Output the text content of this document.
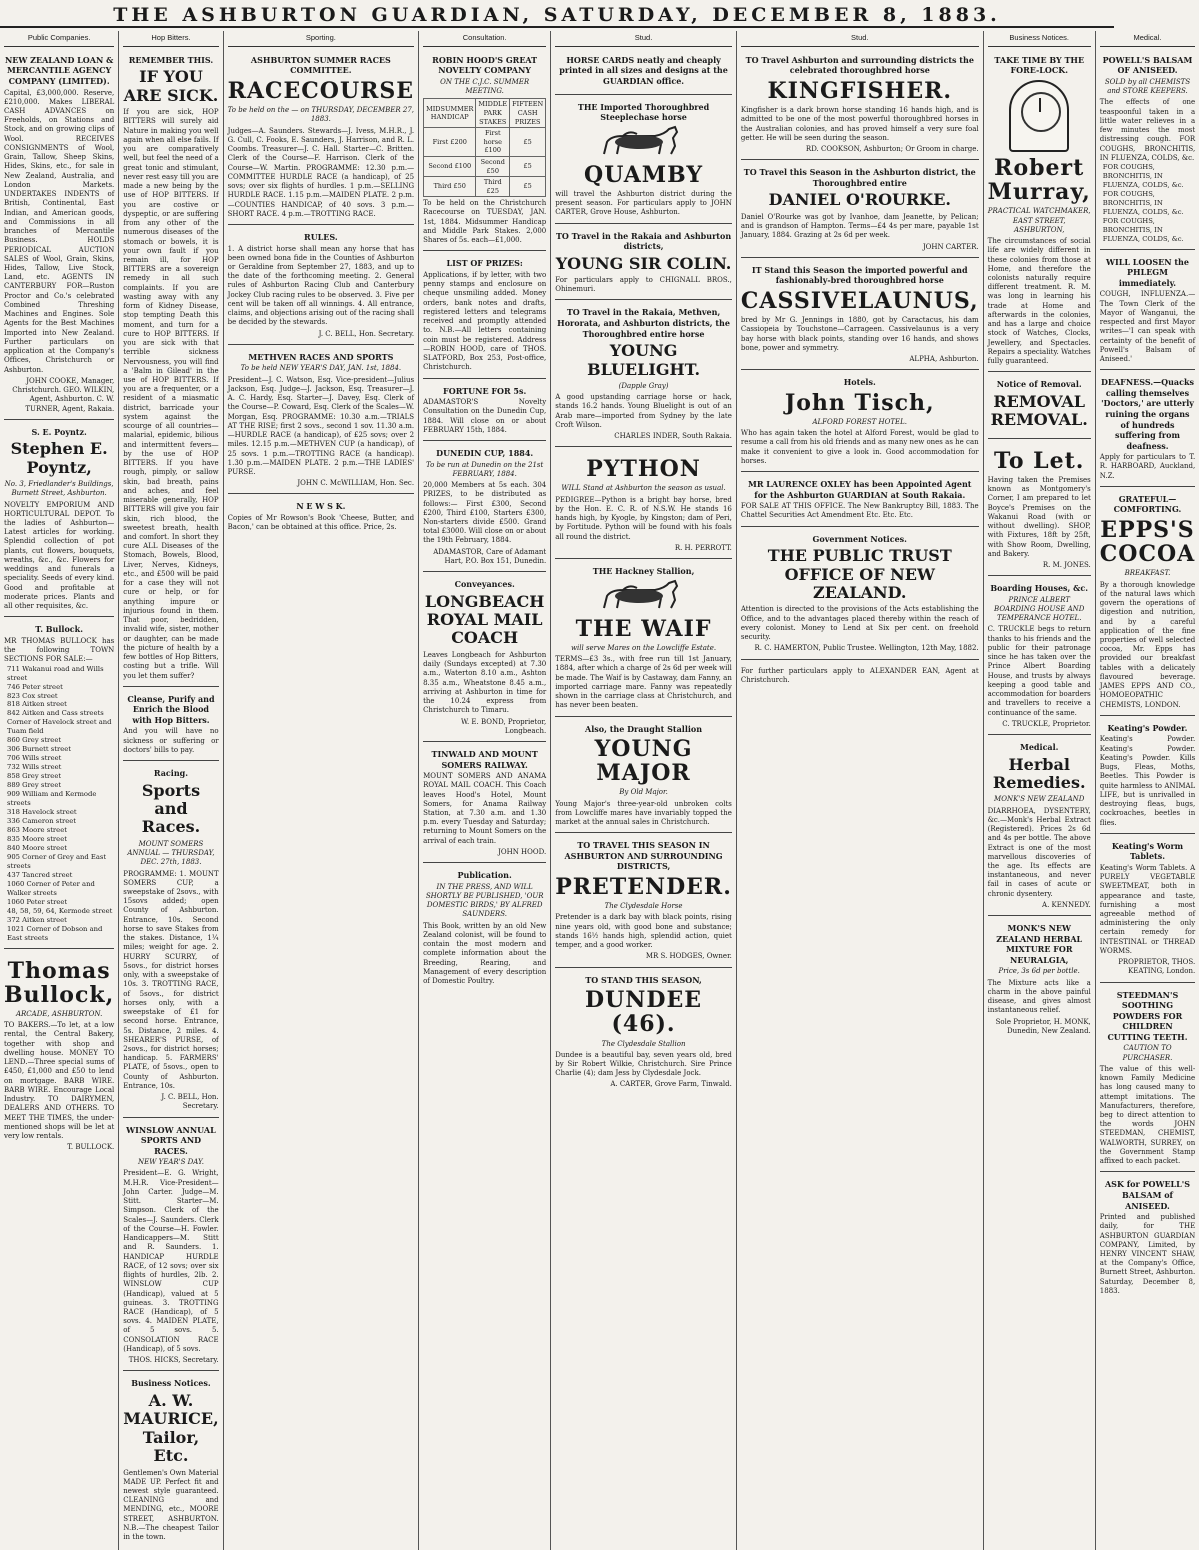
THE ASHBURTON GUARDIAN, SATURDAY, DECEMBER 8, 1883.
Public Companies.
NEW ZEALAND LOAN & MERCANTILE AGENCY COMPANY (LIMITED).
Capital, £3,000,000. Reserve, £210,000. Makes LIBERAL CASH ADVANCES on Freeholds, on Stations and Stock, and on growing clips of Wool. RECEIVES CONSIGNMENTS of Wool, Grain, Tallow, Sheep Skins, Hides, Skins, etc., for sale in New Zealand, Australia, and London Markets. UNDERTAKES INDENTS of British, Continental, East Indian, and American goods, and Commissions in all branches of Mercantile Business. HOLDS PERIODICAL AUCTION SALES of Wool, Grain, Skins, Hides, Tallow, Live Stock, Land, etc. AGENTS IN CANTERBURY FOR—Ruston Proctor and Co.'s celebrated Combined Threshing Machines and Engines. Sole Agents for the Best Machines Imported into New Zealand. Further particulars on application at the Company's Offices, Christchurch or Ashburton.
JOHN COOKE, Manager, Christchurch. GEO. WILKIN, Agent, Ashburton. C. W. TURNER, Agent, Rakaia.
S. E. Poyntz.
Stephen E. Poyntz,
No. 3, Friedlander's Buildings, Burnett Street, Ashburton.
NOVELTY EMPORIUM AND HORTICULTURAL DEPOT. To the ladies of Ashburton—Latest articles for working. Splendid collection of pot plants, cut flowers, bouquets, wreaths, &c., &c. Flowers for weddings and funerals a speciality. Seeds of every kind. Good and profitable at moderate prices. Plants and all other requisites, &c.
T. Bullock.
MR THOMAS BULLOCK has the following TOWN SECTIONS FOR SALE:—
711 Wakanui road and Wills street
746 Peter street
823 Cox street
818 Aitken street
842 Aitken and Cass streets
Corner of Havelock street and Tuam field
860 Grey street
306 Burnett street
706 Wills street
732 Wills street
858 Grey street
889 Grey street
909 William and Kermode streets
318 Havelock street
336 Cameron street
863 Moore street
835 Moore street
840 Moore street
905 Corner of Grey and East streets
437 Tancred street
1060 Corner of Peter and Walker streets
1060 Peter street
48, 58, 59, 64, Kermode street
372 Aitken street
1021 Corner of Dobson and East streets
Thomas Bullock,
ARCADE, ASHBURTON.
TO BAKERS.—To let, at a low rental, the Central Bakery, together with shop and dwelling house. MONEY TO LEND.—Three special sums of £450, £1,000 and £50 to lend on mortgage. BARB WIRE. BARB WIRE. Encourage Local Industry. TO DAIRYMEN, DEALERS AND OTHERS. TO MEET THE TIMES, the under-mentioned shops will be let at very low rentals.
T. BULLOCK.
Hop Bitters.
REMEMBER THIS.
IF YOU ARE SICK.
If you are sick, HOP BITTERS will surely aid Nature in making you well again when all else fails. If you are comparatively well, but feel the need of a great tonic and stimulant, never rest easy till you are made a new being by the use of HOP BITTERS. If you are costive or dyspeptic, or are suffering from any other of the numerous diseases of the stomach or bowels, it is your own fault if you remain ill, for HOP BITTERS are a sovereign remedy in all such complaints. If you are wasting away with any form of Kidney Disease, stop tempting Death this moment, and turn for a cure to HOP BITTERS. If you are sick with that terrible sickness Nervousness, you will find a 'Balm in Gilead' in the use of HOP BITTERS. If you are a frequenter, or a resident of a miasmatic district, barricade your system against the scourge of all countries—malarial, epidemic, bilious and intermittent fevers—by the use of HOP BITTERS. If you have rough, pimply, or sallow skin, bad breath, pains and aches, and feel miserable generally, HOP BITTERS will give you fair skin, rich blood, the sweetest breath, health and comfort. In short they cure ALL Diseases of the Stomach, Bowels, Blood, Liver, Nerves, Kidneys, etc., and £500 will be paid for a case they will not cure or help, or for anything impure or injurious found in them. That poor, bedridden, invalid wife, sister, mother or daughter, can be made the picture of health by a few bottles of Hop Bitters, costing but a trifle. Will you let them suffer?
Cleanse, Purify and Enrich the Blood with Hop Bitters.
And you will have no sickness or suffering or doctors' bills to pay.
Racing.
Sports and Races.
MOUNT SOMERS ANNUAL — THURSDAY, DEC. 27th, 1883.
PROGRAMME: 1. MOUNT SOMERS CUP, a sweepstake of 2sovs., with 15sovs added; open County of Ashburton. Entrance, 10s. Second horse to save Stakes from the stakes. Distance, 1¼ miles; weight for age. 2. HURRY SCURRY, of 5sovs., for district horses only, with a sweepstake of 10s. 3. TROTTING RACE, of 5sovs., for district horses only, with a sweepstake of £1 for second horse. Entrance, 5s. Distance, 2 miles. 4. SHEARER'S PURSE, of 2sovs., for district horses; handicap. 5. FARMERS' PLATE, of 5sovs., open to County of Ashburton. Entrance, 10s.
J. C. BELL, Hon. Secretary.
WINSLOW ANNUAL SPORTS AND RACES.
NEW YEAR'S DAY.
President—E. G. Wright, M.H.R. Vice-President—John Carter. Judge—M. Stitt. Starter—M. Simpson. Clerk of the Scales—J. Saunders. Clerk of the Course—H. Fowler. Handicappers—M. Stitt and R. Saunders. 1. HANDICAP HURDLE RACE, of 12 sovs; over six flights of hurdles, 2lb. 2. WINSLOW CUP (Handicap), valued at 5 guineas. 3. TROTTING RACE (Handicap), of 5 sovs. 4. MAIDEN PLATE, of 5 sovs. 5. CONSOLATION RACE (Handicap), of 5 sovs.
THOS. HICKS, Secretary.
Business Notices.
A. W. MAURICE, Tailor, Etc.
Gentlemen's Own Material MADE UP. Perfect fit and newest style guaranteed. CLEANING and MENDING, etc., MOORE STREET, ASHBURTON. N.B.—The cheapest Tailor in the town.
Sporting.
ASHBURTON SUMMER RACES COMMITTEE.
RACECOURSE
To be held on the — on THURSDAY, DECEMBER 27, 1883.
Judges—A. Saunders. Stewards—J. Ivess, M.H.R., J. G. Cull, C. Fooks, E. Saunders, J. Harrison, and R. L. Coombs. Treasurer—J. C. Hall. Starter—C. Britten. Clerk of the Course—F. Harrison. Clerk of the Course—W. Martin. PROGRAMME: 12.30 p.m.—COMMITTEE HURDLE RACE (a handicap), of 25 sovs; over six flights of hurdles. 1 p.m.—SELLING HURDLE RACE. 1.15 p.m.—MAIDEN PLATE. 2 p.m.—COUNTIES HANDICAP, of 40 sovs. 3 p.m.—SHORT RACE. 4 p.m.—TROTTING RACE.
RULES.
1. A district horse shall mean any horse that has been owned bona fide in the Counties of Ashburton or Geraldine from September 27, 1883, and up to the date of the forthcoming meeting. 2. General rules of Ashburton Racing Club and Canterbury Jockey Club racing rules to be observed. 3. Five per cent will be taken off all winnings. 4. All entrance, claims, and objections arising out of the racing shall be decided by the stewards.
J. C. BELL, Hon. Secretary.
METHVEN RACES AND SPORTS
To be held NEW YEAR'S DAY, JAN. 1st, 1884.
President—J. C. Watson, Esq. Vice-president—Julius Jackson, Esq. Judge—J. Jackson, Esq. Treasurer—J. A. C. Hardy, Esq. Starter—J. Davey, Esq. Clerk of the Course—P. Coward, Esq. Clerk of the Scales—W. Morgan, Esq. PROGRAMME: 10.30 a.m.—TRIALS AT THE RISE; first 2 sovs., second 1 sov. 11.30 a.m.—HURDLE RACE (a handicap), of £25 sovs; over 2 miles. 12.15 p.m.—METHVEN CUP (a handicap), of 25 sovs. 1 p.m.—TROTTING RACE (a handicap). 1.30 p.m.—MAIDEN PLATE. 2 p.m.—THE LADIES' PURSE.
JOHN C. McWILLIAM, Hon. Sec.
N E W S K.
Copies of Mr Rowson's Book 'Cheese, Butter, and Bacon,' can be obtained at this office. Price, 2s.
Consultation.
ROBIN HOOD'S GREAT NOVELTY COMPANY
ON THE C.J.C. SUMMER MEETING.
MIDSUMMER HANDICAP	MIDDLE PARK STAKES	FIFTEEN CASH PRIZES
First £200	First horse £100	£5
Second £100	Second £50	£5
Third £50	Third £25	£5
To be held on the Christchurch Racecourse on TUESDAY, JAN. 1st, 1884. Midsummer Handicap and Middle Park Stakes. 2,000 Shares of 5s. each—£1,000.
LIST OF PRIZES:
Applications, if by letter, with two penny stamps and enclosure on cheque unsmiling added. Money orders, bank notes and drafts, registered letters and telegrams received and promptly attended to. N.B.—All letters containing coin must be registered. Address—ROBIN HOOD, care of THOS. SLATFORD, Box 253, Post-office, Christchurch.
FORTUNE FOR 5s.
ADAMASTOR'S Novelty Consultation on the Dunedin Cup, 1884. Will close on or about FEBRUARY 15th, 1884.
DUNEDIN CUP, 1884.
To be run at Dunedin on the 21st FEBRUARY, 1884.
20,000 Members at 5s each. 304 PRIZES, to be distributed as follows:— First £300, Second £200, Third £100, Starters £300, Non-starters divide £500. Grand total £3000. Will close on or about the 19th February, 1884.
ADAMASTOR, Care of Adamant Hart, P.O. Box 151, Dunedin.
Conveyances.
LONGBEACH ROYAL MAIL COACH
Leaves Longbeach for Ashburton daily (Sundays excepted) at 7.30 a.m., Waterton 8.10 a.m., Ashton 8.35 a.m., Wheatstone 8.45 a.m., arriving at Ashburton in time for the 10.24 express from Christchurch to Timaru.
W. E. BOND, Proprietor, Longbeach.
TINWALD AND MOUNT SOMERS RAILWAY.
MOUNT SOMERS AND ANAMA ROYAL MAIL COACH. This Coach leaves Hood's Hotel, Mount Somers, for Anama Railway Station, at 7.30 a.m. and 1.30 p.m. every Tuesday and Saturday; returning to Mount Somers on the arrival of each train.
JOHN HOOD.
Publication.
IN THE PRESS, AND WILL SHORTLY BE PUBLISHED, 'OUR DOMESTIC BIRDS,' BY ALFRED SAUNDERS.
This Book, written by an old New Zealand colonist, will be found to contain the most modern and complete information about the Breeding, Rearing, and Management of every description of Domestic Poultry.
Stud.
HORSE CARDS neatly and cheaply printed in all sizes and designs at the GUARDIAN office.
THE Imported Thoroughbred Steeplechase horse
QUAMBY
will travel the Ashburton district during the present season. For particulars apply to JOHN CARTER, Grove House, Ashburton.
TO Travel in the Rakaia and Ashburton districts,
YOUNG SIR COLIN.
For particulars apply to CHIGNALL BROS., Ohinemuri.
TO Travel in the Rakaia, Methven, Hororata, and Ashburton districts, the Thoroughbred entire horse
YOUNG BLUELIGHT.
(Dapple Gray)
A good upstanding carriage horse or hack, stands 16.2 hands. Young Bluelight is out of an Arab mare—imported from Sydney by the late Croft Wilson.
CHARLES INDER, South Rakaia.
PYTHON
WILL Stand at Ashburton the season as usual.
PEDIGREE—Python is a bright bay horse, bred by the Hon. E. C. R. of N.S.W. He stands 16 hands high, by Kyogle, by Kingston; dam of Peri, by Fortitude. Python will be found with his foals all round the district.
R. H. PERROTT.
THE Hackney Stallion,
THE WAIF
will serve Mares on the Lowcliffe Estate.
TERMS—£3 3s., with free run till 1st January, 1884, after which a charge of 2s 6d per week will be made. The Waif is by Castaway, dam Fanny, an imported carriage mare. Fanny was repeatedly shown in the carriage class at Christchurch, and has never been beaten.
Also, the Draught Stallion
YOUNG MAJOR
By Old Major.
Young Major's three-year-old unbroken colts from Lowcliffe mares have invariably topped the market at the annual sales in Christchurch.
TO TRAVEL THIS SEASON IN ASHBURTON AND SURROUNDING DISTRICTS,
PRETENDER.
The Clydesdale Horse
Pretender is a dark bay with black points, rising nine years old, with good bone and substance; stands 16½ hands high, splendid action, quiet temper, and a good worker.
MR S. HODGES, Owner.
TO STAND THIS SEASON,
DUNDEE (46).
The Clydesdale Stallion
Dundee is a beautiful bay, seven years old, bred by Sir Robert Wilkie, Christchurch. Sire Prince Charlie (4); dam Jess by Clydesdale Jock.
A. CARTER, Grove Farm, Tinwald.
Stud.
TO Travel Ashburton and surrounding districts the celebrated thoroughbred horse
KINGFISHER.
Kingfisher is a dark brown horse standing 16 hands high, and is admitted to be one of the most powerful thoroughbred horses in the Australian colonies, and has proved himself a very sure foal getter. He will be seen during the season.
RD. COOKSON, Ashburton; Or Groom in charge.
TO Travel this Season in the Ashburton district, the Thoroughbred entire
DANIEL O'ROURKE.
Daniel O'Rourke was got by Ivanhoe, dam Jeanette, by Pelican; and is grandson of Hampton. Terms—£4 4s per mare, payable 1st January, 1884. Grazing at 2s 6d per week.
JOHN CARTER.
IT Stand this Season the imported powerful and fashionably-bred thoroughbred horse
CASSIVELAUNUS,
bred by Mr G. Jennings in 1880, got by Caractacus, his dam Cassiopeia by Touchstone—Carrageen. Cassivelaunus is a very bay horse with black points, standing over 16 hands, and shows bone, power and symmetry.
ALPHA, Ashburton.
Hotels.
John Tisch,
ALFORD FOREST HOTEL.
Who has again taken the hotel at Alford Forest, would be glad to resume a call from his old friends and as many new ones as he can make it convenient to give a look in. Good accommodation for horses.
MR LAURENCE OXLEY has been Appointed Agent for the Ashburton GUARDIAN at South Rakaia.
FOR SALE AT THIS OFFICE. The New Bankruptcy Bill, 1883. The Chattel Securities Act Amendment Etc. Etc. Etc.
Government Notices.
THE PUBLIC TRUST OFFICE OF NEW ZEALAND.
Attention is directed to the provisions of the Acts establishing the Office, and to the advantages placed thereby within the reach of every colonist. Money to Lend at Six per cent. on freehold security.
R. C. HAMERTON, Public Trustee. Wellington, 12th May, 1882.
For further particulars apply to ALEXANDER EAN, Agent at Christchurch.
Business Notices.
TAKE TIME BY THE FORE-LOCK.
Robert Murray,
PRACTICAL WATCHMAKER, EAST STREET, ASHBURTON,
The circumstances of social life are widely different in these colonies from those at Home, and therefore the colonists naturally require different treatment. R. M. was long in learning his trade at Home and afterwards in the colonies, and has a large and choice stock of Watches, Clocks, Jewellery, and Spectacles. Repairs a speciality. Watches fully guaranteed.
Notice of Removal.
REMOVAL REMOVAL.
To Let.
Having taken the Premises known as Montgomery's Corner, I am prepared to let Boyce's Premises on the Wakanui Road (with or without dwelling). SHOP, with Fixtures, 18ft by 25ft, with Show Room, Dwelling, and Bakery.
R. M. JONES.
Boarding Houses, &c.
PRINCE ALBERT BOARDING HOUSE AND TEMPERANCE HOTEL.
C. TRUCKLE begs to return thanks to his friends and the public for their patronage since he has taken over the Prince Albert Boarding House, and trusts by always keeping a good table and accommodation for boarders and travellers to receive a continuance of the same.
C. TRUCKLE, Proprietor.
Medical.
Herbal Remedies.
MONK'S NEW ZEALAND
DIARRHOEA, DYSENTERY, &c.—Monk's Herbal Extract (Registered). Prices 2s 6d and 4s per bottle. The above Extract is one of the most marvellous discoveries of the age. Its effects are instantaneous, and never fail in cases of acute or chronic dysentery.
A. KENNEDY.
MONK'S NEW ZEALAND HERBAL MIXTURE FOR NEURALGIA,
Price, 3s 6d per bottle.
The Mixture acts like a charm in the above painful disease, and gives almost instantaneous relief.
Sole Proprietor, H. MONK, Dunedin, New Zealand.
Medical.
POWELL'S BALSAM OF ANISEED.
SOLD by all CHEMISTS and STORE KEEPERS.
The effects of one teaspoonful taken in a little water relieves in a few minutes the most distressing cough. FOR COUGHS, BRONCHITIS, IN FLUENZA, COLDS, &c.
FOR COUGHS, BRONCHITIS, IN FLUENZA, COLDS, &c.
FOR COUGHS, BRONCHITIS, IN FLUENZA, COLDS, &c.
FOR COUGHS, BRONCHITIS, IN FLUENZA, COLDS, &c.
WILL LOOSEN the PHLEGM immediately.
COUGH, INFLUENZA.—The Town Clerk of the Mayor of Wanganui, the respected and first Mayor writes—'I can speak with certainty of the benefit of Powell's Balsam of Aniseed.'
DEAFNESS.—Quacks calling themselves 'Doctors,' are utterly ruining the organs of hundreds suffering from deafness.
Apply for particulars to T. R. HARBOARD, Auckland, N.Z.
GRATEFUL—COMFORTING.
EPPS'S COCOA
BREAKFAST.
By a thorough knowledge of the natural laws which govern the operations of digestion and nutrition, and by a careful application of the fine properties of well selected cocoa, Mr. Epps has provided our breakfast tables with a delicately flavoured beverage. JAMES EPPS AND CO., HOMOEOPATHIC CHEMISTS, LONDON.
Keating's Powder.
Keating's Powder. Keating's Powder. Keating's Powder. Kills Bugs, Fleas, Moths, Beetles. This Powder is quite harmless to ANIMAL LIFE, but is unrivalled in destroying fleas, bugs, cockroaches, beetles in flies.
Keating's Worm Tablets.
Keating's Worm Tablets. A PURELY VEGETABLE SWEETMEAT, both in appearance and taste, furnishing a most agreeable method of administering the only certain remedy for INTESTINAL or THREAD WORMS.
PROPRIETOR, THOS. KEATING, London.
STEEDMAN'S SOOTHING POWDERS FOR CHILDREN CUTTING TEETH.
CAUTION TO PURCHASER.
The value of this well-known Family Medicine has long caused many to attempt imitations. The Manufacturers, therefore, beg to direct attention to the words JOHN STEEDMAN, CHEMIST, WALWORTH, SURREY, on the Government Stamp affixed to each packet.
ASK for POWELL'S BALSAM of ANISEED.
Printed and published daily, for THE ASHBURTON GUARDIAN COMPANY, Limited, by HENRY VINCENT SHAW, at the Company's Office, Burnett Street, Ashburton. Saturday, December 8, 1883.
